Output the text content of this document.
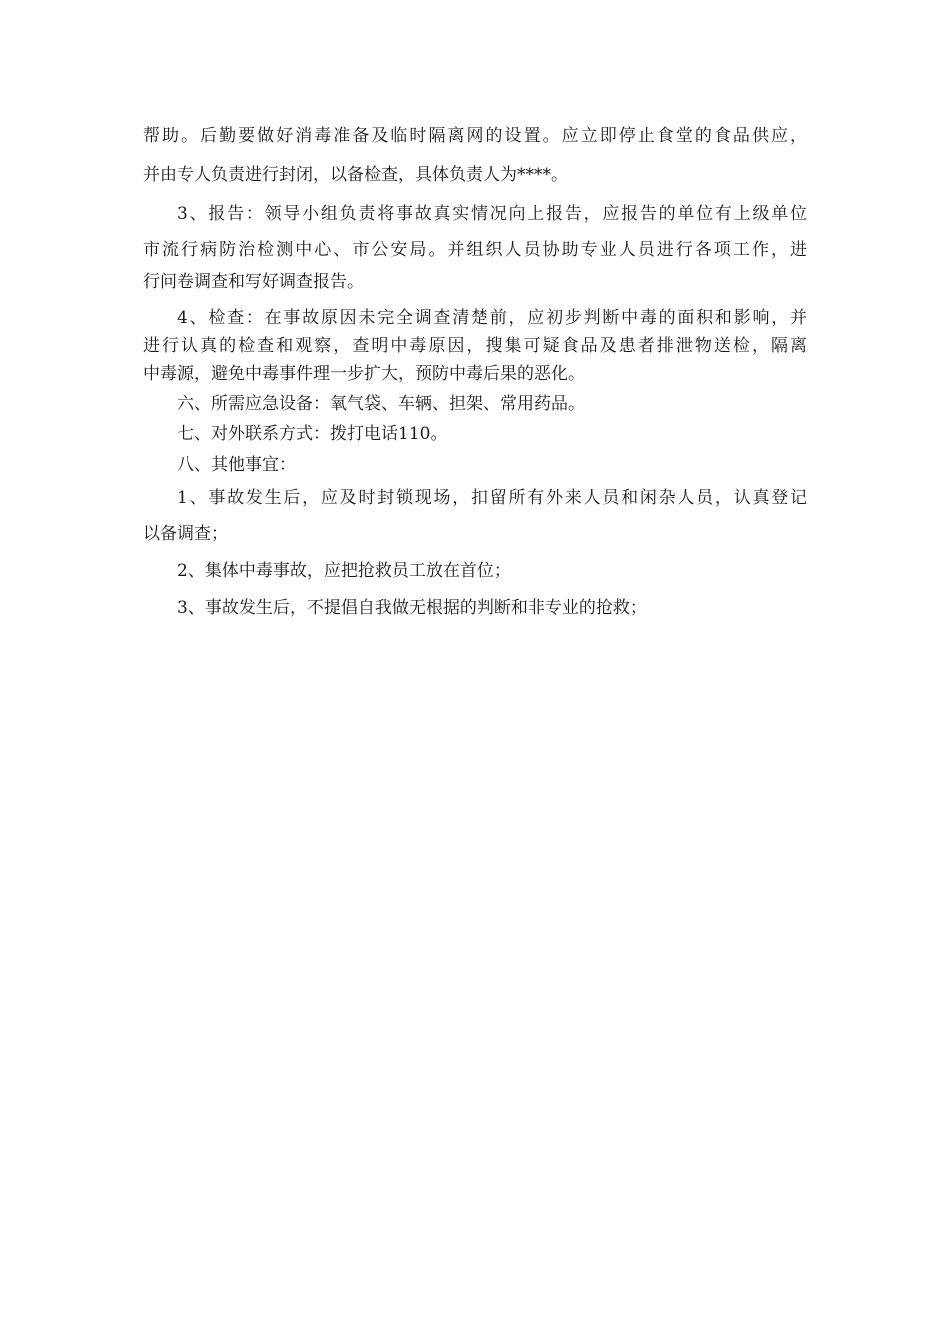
帮助。后勤要做好消毒准备及临时隔离网的设置。应立即停止食堂的食品供应，
并由专人负责进行封闭，以备检查，具体负责人为****。
3、报告：领导小组负责将事故真实情况向上报告，应报告的单位有上级单位
市流行病防治检测中心、市公安局。并组织人员协助专业人员进行各项工作，进
行问卷调查和写好调查报告。
4、检查：在事故原因未完全调查清楚前，应初步判断中毒的面积和影响，并
进行认真的检查和观察，查明中毒原因，搜集可疑食品及患者排泄物送检，隔离
中毒源，避免中毒事件理一步扩大，预防中毒后果的恶化。
六、所需应急设备：氧气袋、车辆、担架、常用药品。
七、对外联系方式：拨打电话110。
八、其他事宜：
1、事故发生后，应及时封锁现场，扣留所有外来人员和闲杂人员，认真登记
以备调查；
2、集体中毒事故，应把抢救员工放在首位；
3、事故发生后，不提倡自我做无根据的判断和非专业的抢救；
